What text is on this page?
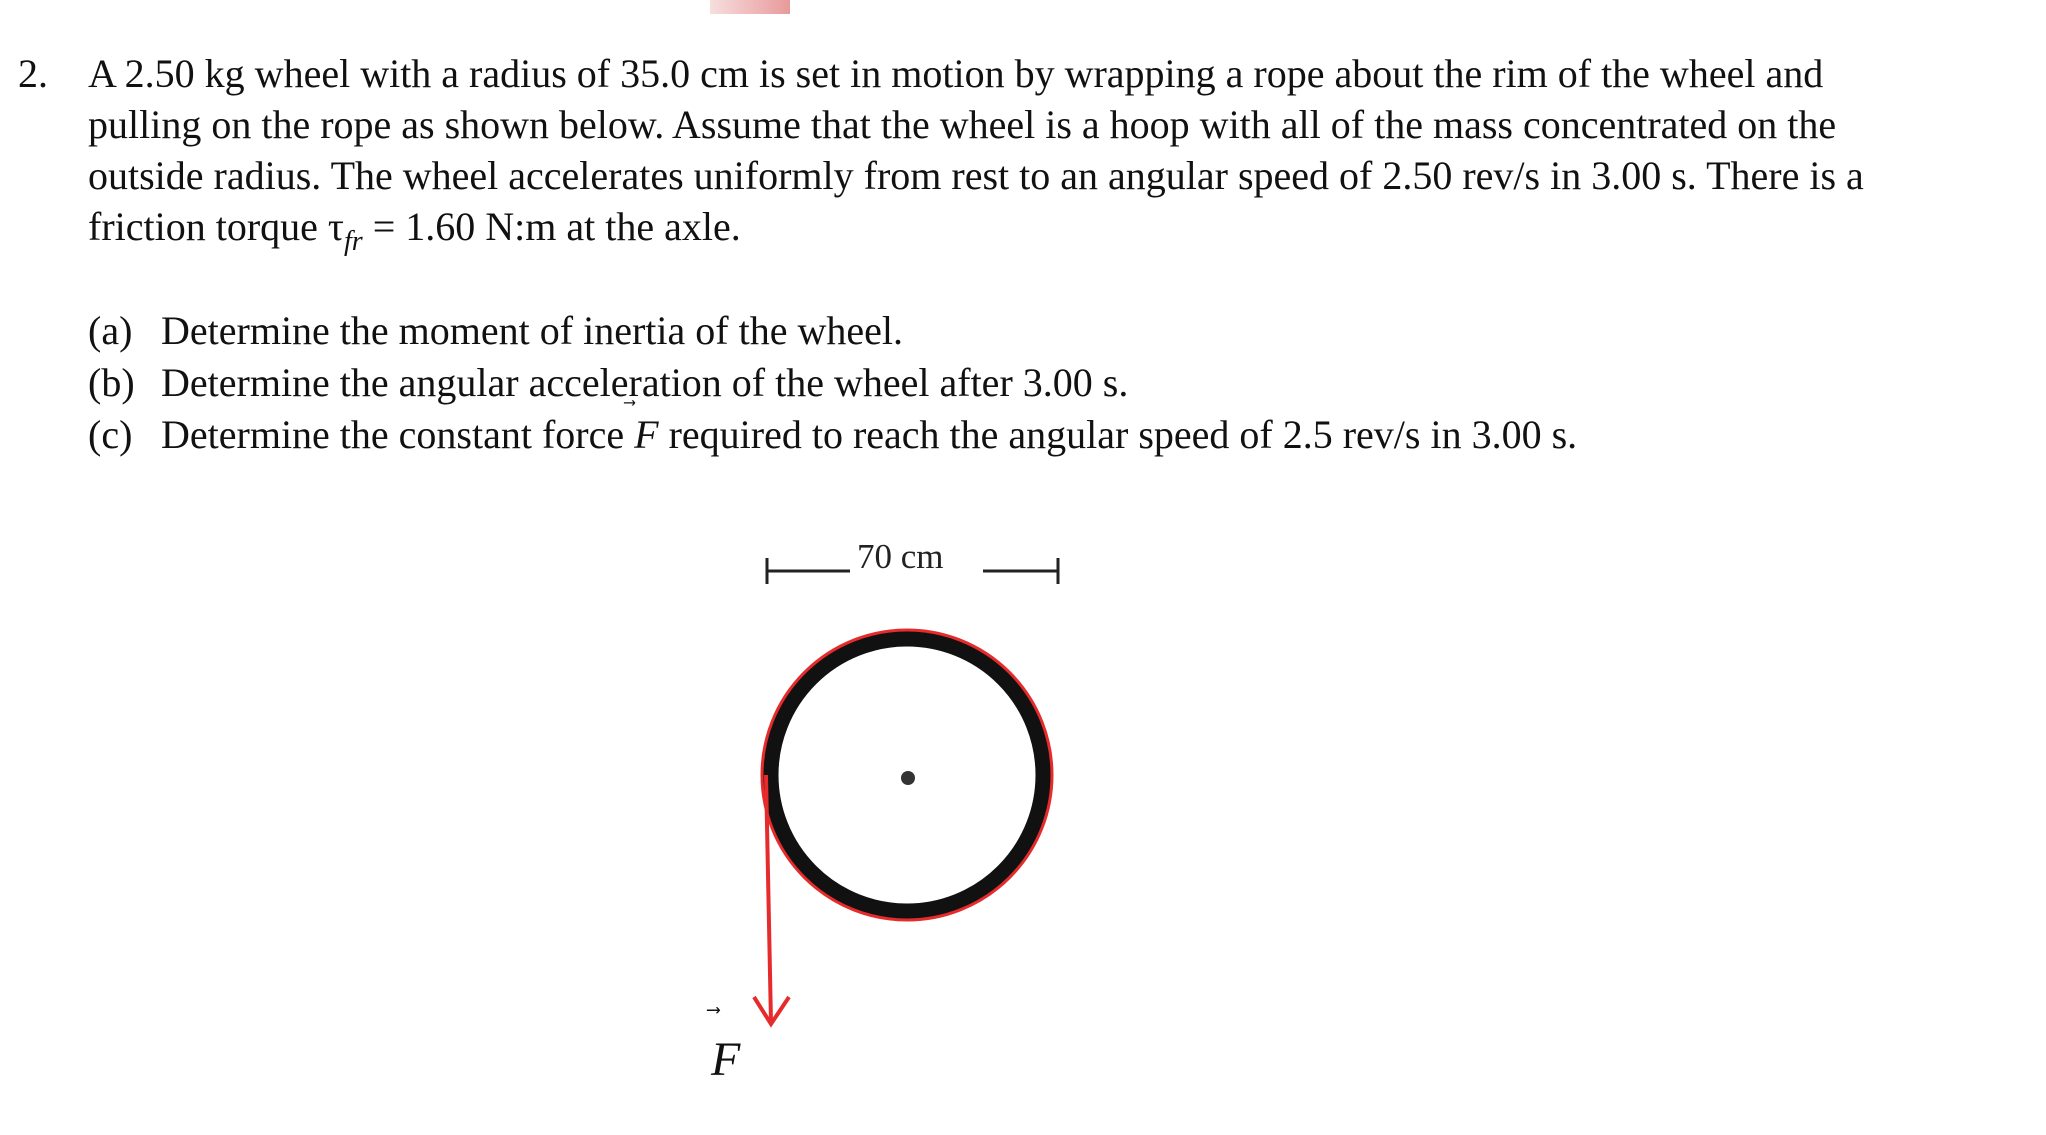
2.	A 2.50 kg wheel with a radius of 35.0 cm is set in motion by wrapping a rope about the rim of the wheel and
pulling on the rope as shown below. Assume that the wheel is a hoop with all of the mass concentrated on the
outside radius. The wheel accelerates uniformly from rest to an angular speed of 2.50 rev/s in 3.00 s. There is a
friction torque $\tau_{fr} = 1.60$ N:m at the axle.
(a) Determine the moment of inertia of the wheel.
(b) Determine the angular acceleration of the wheel after 3.00 s.
(c) Determine the constant force F
required to reach the angular speed of 2.5 rev/s in 3.00 s.
70 cm
F
